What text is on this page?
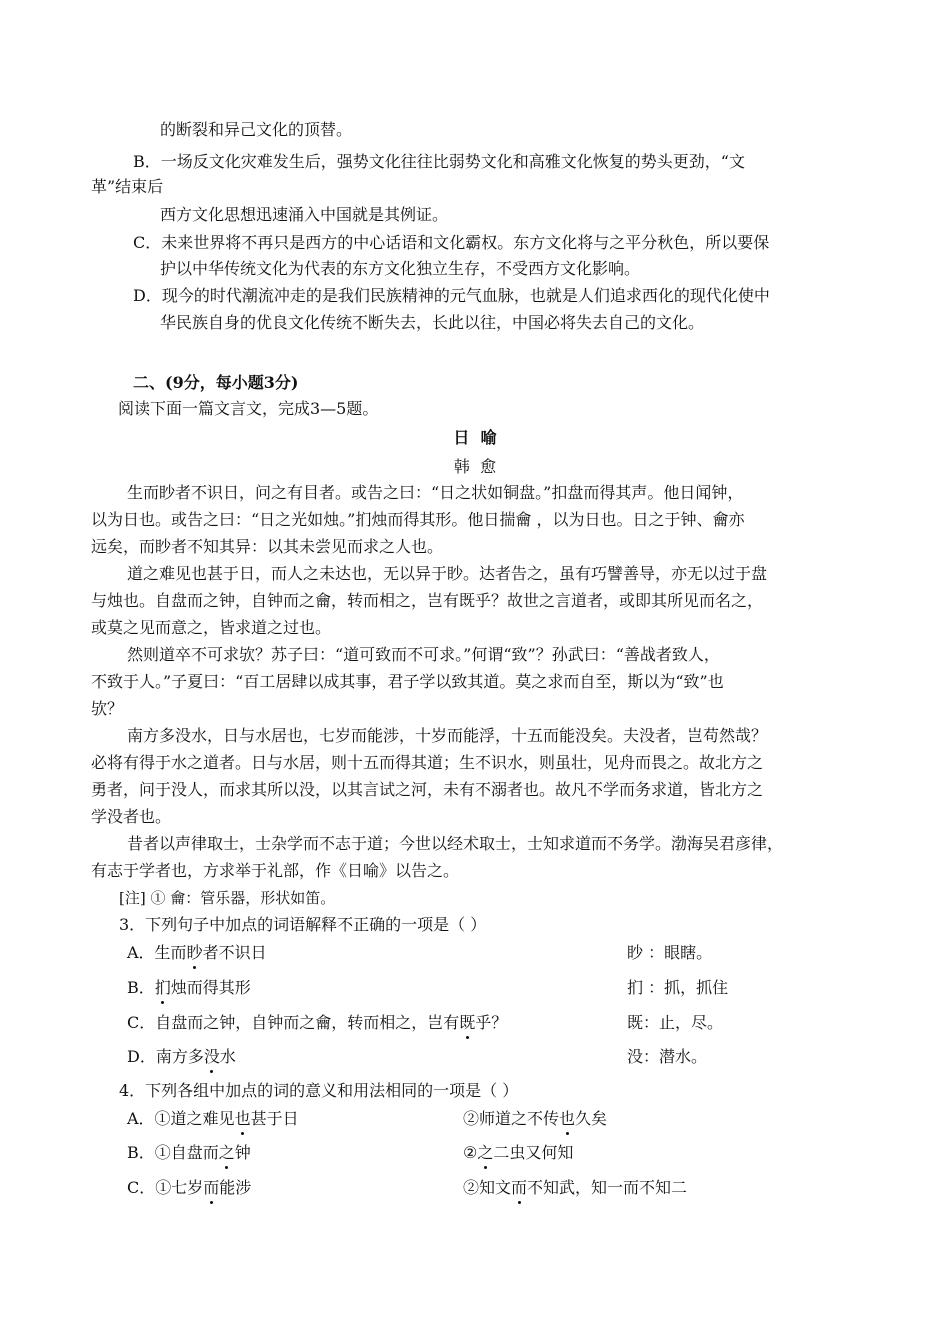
的断裂和异己文化的顶替。
B．一场反文化灾难发生后，强势文化往往比弱势文化和高雅文化恢复的势头更劲，“文
革”结束后
西方文化思想迅速涌入中国就是其例证。
C．未来世界将不再只是西方的中心话语和文化霸权。东方文化将与之平分秋色，所以要保
护以中华传统文化为代表的东方文化独立生存，不受西方文化影响。
D．现今的时代潮流冲走的是我们民族精神的元气血脉，也就是人们追求西化的现代化使中
华民族自身的优良文化传统不断失去，长此以往，中国必将失去自己的文化。
二、(9分，每小题3分)
阅读下面一篇文言文，完成3—5题。
日  喻
韩  愈
生而眇者不识日，问之有目者。或告之曰：“日之状如铜盘。”扣盘而得其声。他日闻钟，
以为日也。或告之曰：“日之光如烛。”扪烛而得其形。他日揣龠 ，以为日也。日之于钟、龠亦
远矣，而眇者不知其异：以其未尝见而求之人也。
道之难见也甚于日，而人之未达也，无以异于眇。达者告之，虽有巧譬善导，亦无以过于盘
与烛也。自盘而之钟，自钟而之龠，转而相之，岂有既乎？故世之言道者，或即其所见而名之，
或莫之见而意之，皆求道之过也。
然则道卒不可求欤？苏子曰：“道可致而不可求。”何谓“致”？孙武曰：“善战者致人，
不致于人。”子夏曰：“百工居肆以成其事，君子学以致其道。莫之求而自至，斯以为“致”也
欤？
南方多没水，日与水居也，七岁而能涉，十岁而能浮，十五而能没矣。夫没者，岂苟然哉？
必将有得于水之道者。日与水居，则十五而得其道；生不识水，则虽壮，见舟而畏之。故北方之
勇者，问于没人，而求其所以没，以其言试之河，未有不溺者也。故凡不学而务求道，皆北方之
学没者也。
昔者以声律取士，士杂学而不志于道；今世以经术取士，士知求道而不务学。渤海吴君彦律，
有志于学者也，方求举于礼部，作《日喻》以告之。
[注] ① 龠：管乐器，形状如笛。
3．下列句子中加点的词语解释不正确的一项是（ ）
A．生而眇者不识日	眇 ：眼瞎。
B．扪烛而得其形	扪 ：抓，抓住
C．自盘而之钟，自钟而之龠，转而相之，岂有既乎？	既：止，尽。
D．南方多没水	没：潜水。
4．下列各组中加点的词的意义和用法相同的一项是（ ）
A．①道之难见也甚于日	②师道之不传也久矣
B．①自盘而之钟	②之二虫又何知
C．①七岁而能涉	②知文而不知武，知一而不知二
